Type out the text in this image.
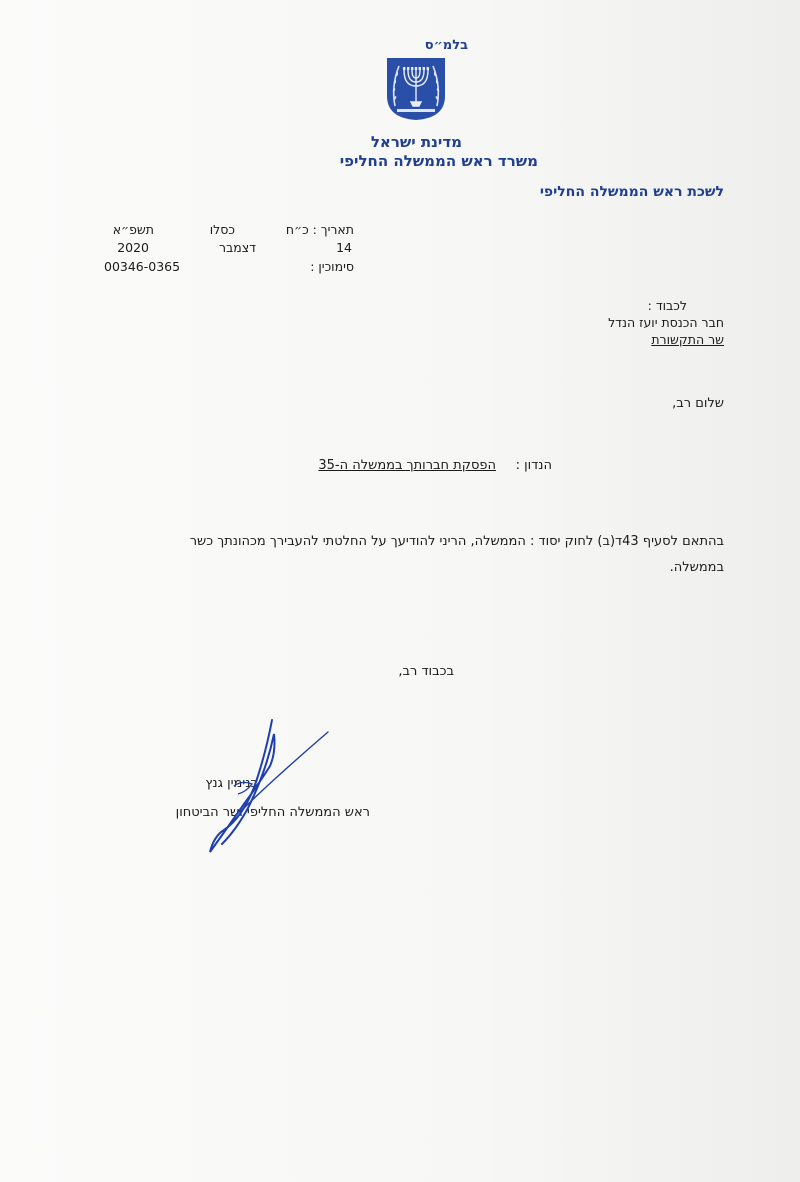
בלמ״ס
מדינת ישראל
משרד ראש הממשלה החליפי
לשכת ראש הממשלה החליפי
תאריך : כ״ח
כסלו
תשפ״א
14
דצמבר
2020
סימוכין :
00346-0365
לכבוד :
חבר הכנסת יועז הנדל
שר התקשורת
שלום רב,
הנדון :
הפסקת חברותך בממשלה ה-35
בהתאם לסעיף 43ד(ב) לחוק יסוד : הממשלה, הריני להודיעך על החלטתי להעבירך מכהונתך כשר
בממשלה.
בכבוד רב,
בנימין גנץ
ראש הממשלה החליפי ושר הביטחון
